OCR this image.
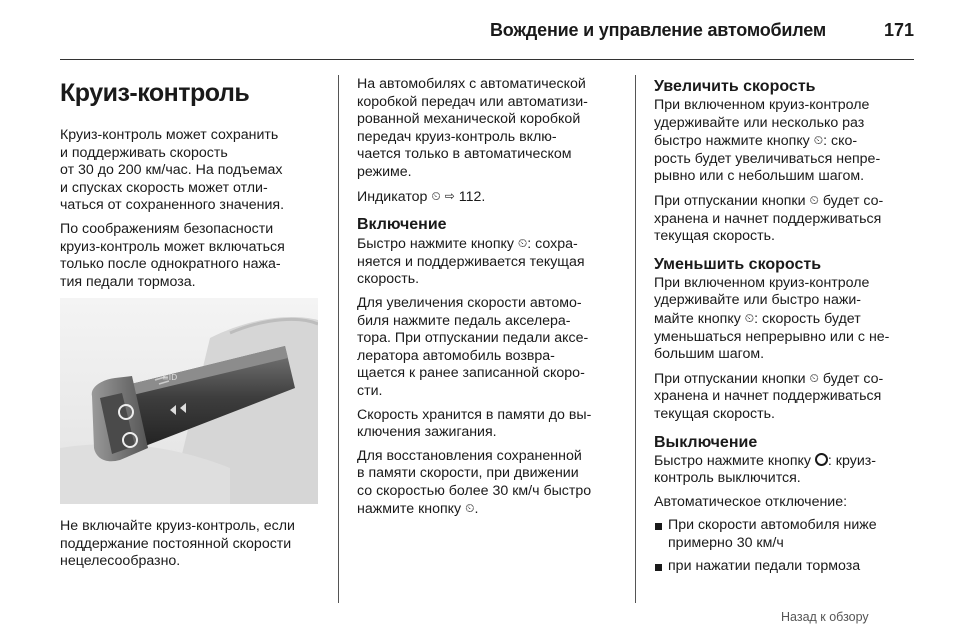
Вождение и управление автомобилем	171
Круиз-контроль

Круиз-контроль может сохранить
и поддерживать скорость
от 30 до 200 км/час. На подъемах
и спусках скорость может отли-
чаться от сохраненного значения.

По соображениям безопасности
круиз-контроль может включаться
только после однократного нажа-
тия педали тормоза.

≡ID
Не включайте круиз-контроль, если
поддержание постоянной скорости
нецелесообразно.

На автомобилях с автоматической
коробкой передач или автоматизи-
рованной механической коробкой
передач круиз-контроль вклю-
чается только в автоматическом
режиме.

Индикатор ⏲ ⇨ 112.

Включение

Быстро нажмите кнопку ⏲: сохра-
няется и поддерживается текущая
скорость.

Для увеличения скорости автомо-
биля нажмите педаль акселера-
тора. При отпускании педали аксе-
лератора автомобиль возвра-
щается к ранее записанной скоро-
сти.

Скорость хранится в памяти до вы-
ключения зажигания.

Для восстановления сохраненной
в памяти скорости, при движении
со скоростью более 30 км/ч быстро
нажмите кнопку ⏲.

Увеличить скорость

При включенном круиз-контроле
удерживайте или несколько раз
быстро нажмите кнопку ⏲: ско-
рость будет увеличиваться непре-
рывно или с небольшим шагом.

При отпускании кнопки ⏲ будет со-
хранена и начнет поддерживаться
текущая скорость.

Уменьшить скорость

При включенном круиз-контроле
удерживайте или быстро нажи-
майте кнопку ⏲: скорость будет
уменьшаться непрерывно или с не-
большим шагом.

При отпускании кнопки ⏲ будет со-
хранена и начнет поддерживаться
текущая скорость.

Выключение

Быстро нажмите кнопку : круиз-
контроль выключится.

Автоматическое отключение:

При скорости автомобиля ниже
примерно 30 км/ч
при нажатии педали тормоза
Назад к обзору
